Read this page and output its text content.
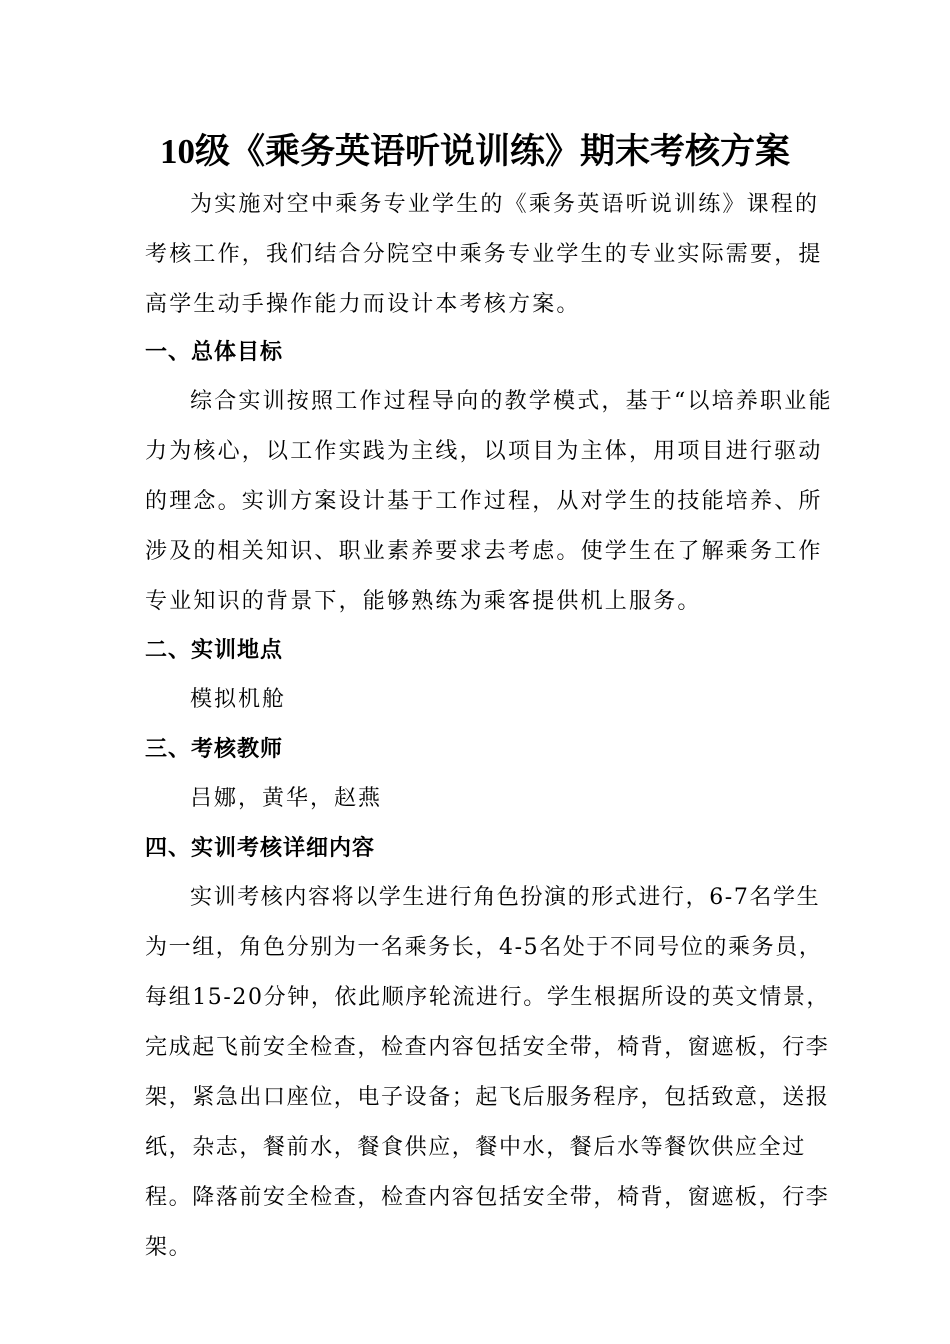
10级《乘务英语听说训练》期末考核方案

为实施对空中乘务专业学生的《乘务英语听说训练》课程的考核工作，我们结合分院空中乘务专业学生的专业实际需要，提高学生动手操作能力而设计本考核方案。

一、总体目标

综合实训按照工作过程导向的教学模式，基于“以培养职业能力为核心，以工作实践为主线，以项目为主体，用项目进行驱动的理念。实训方案设计基于工作过程，从对学生的技能培养、所涉及的相关知识、职业素养要求去考虑。使学生在了解乘务工作专业知识的背景下，能够熟练为乘客提供机上服务。

二、实训地点

模拟机舱

三、考核教师

吕娜，黄华，赵燕

四、实训考核详细内容

实训考核内容将以学生进行角色扮演的形式进行，6-7名学生为一组，角色分别为一名乘务长，4-5名处于不同号位的乘务员，每组15-20分钟，依此顺序轮流进行。学生根据所设的英文情景，完成起飞前安全检查，检查内容包括安全带，椅背，窗遮板，行李架，紧急出口座位，电子设备；起飞后服务程序，包括致意，送报纸，杂志，餐前水，餐食供应，餐中水，餐后水等餐饮供应全过程。降落前安全检查，检查内容包括安全带，椅背，窗遮板，行李架。
